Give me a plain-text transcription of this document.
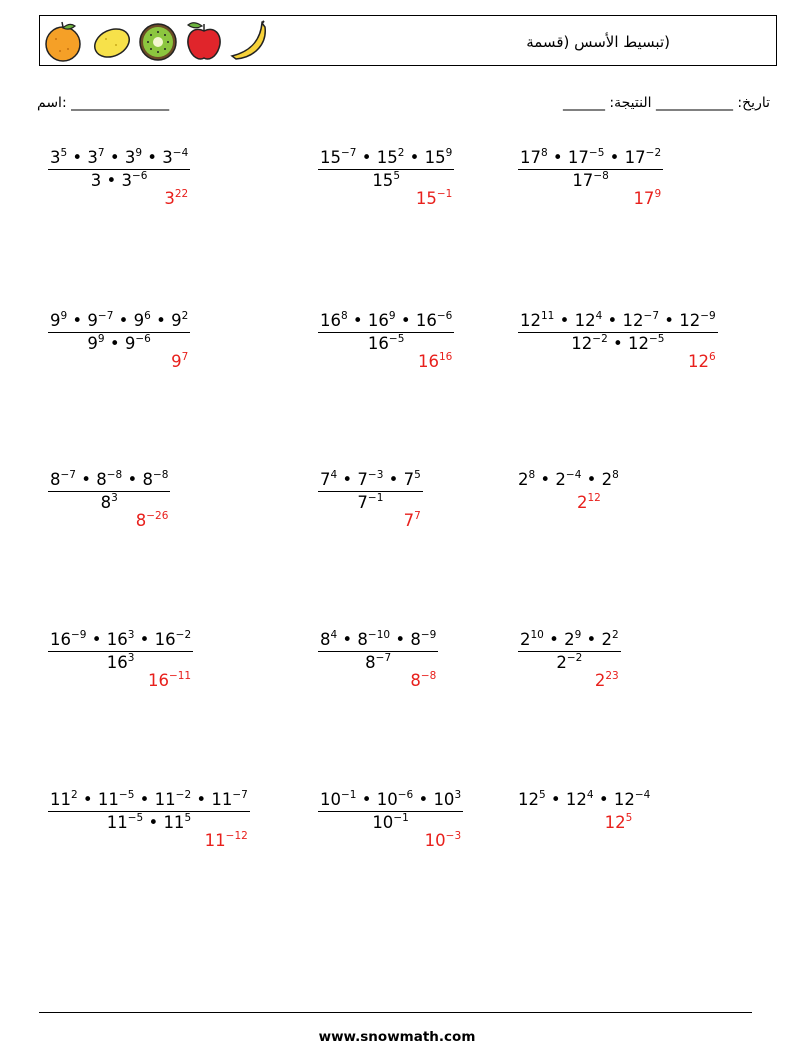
(تبسيط الأسس (قسمة
اسم: ______________	______ :تاريخ: ___________ النتيجة
$\frac{3^5 • 3^7 • 3^9 • 3^{-4}}{3 • 3^{-6}}$
$3^{22}$
$\frac{15^{-7} • 15^2 • 15^9}{15^5}$
$15^{-1}$
$\frac{17^8 • 17^{-5} • 17^{-2}}{17^{-8}}$
$17^9$
$\frac{9^9 • 9^{-7} • 9^6 • 9^2}{9^9 • 9^{-6}}$
$9^7$
$\frac{16^8 • 16^9 • 16^{-6}}{16^{-5}}$
$16^{16}$
$\frac{12^{11} • 12^4 • 12^{-7} • 12^{-9}}{12^{-2} • 12^{-5}}$
$12^6$
$\frac{8^{-7} • 8^{-8} • 8^{-8}}{8^3}$
$8^{-26}$
$\frac{7^4 • 7^{-3} • 7^5}{7^{-1}}$
$7^7$
$2^8$ • $2^{-4}$ • $2^8$
$2^{12}$
$\frac{16^{-9} • 16^3 • 16^{-2}}{16^3}$
$16^{-11}$
$\frac{8^4 • 8^{-10} • 8^{-9}}{8^{-7}}$
$8^{-8}$
$\frac{2^{10} • 2^9 • 2^2}{2^{-2}}$
$2^{23}$
$\frac{11^2 • 11^{-5} • 11^{-2} • 11^{-7}}{11^{-5} • 11^5}$
$11^{-12}$
$\frac{10^{-1} • 10^{-6} • 10^3}{10^{-1}}$
$10^{-3}$
$12^5$ • $12^4$ • $12^{-4}$
$12^5$
www.snowmath.com
